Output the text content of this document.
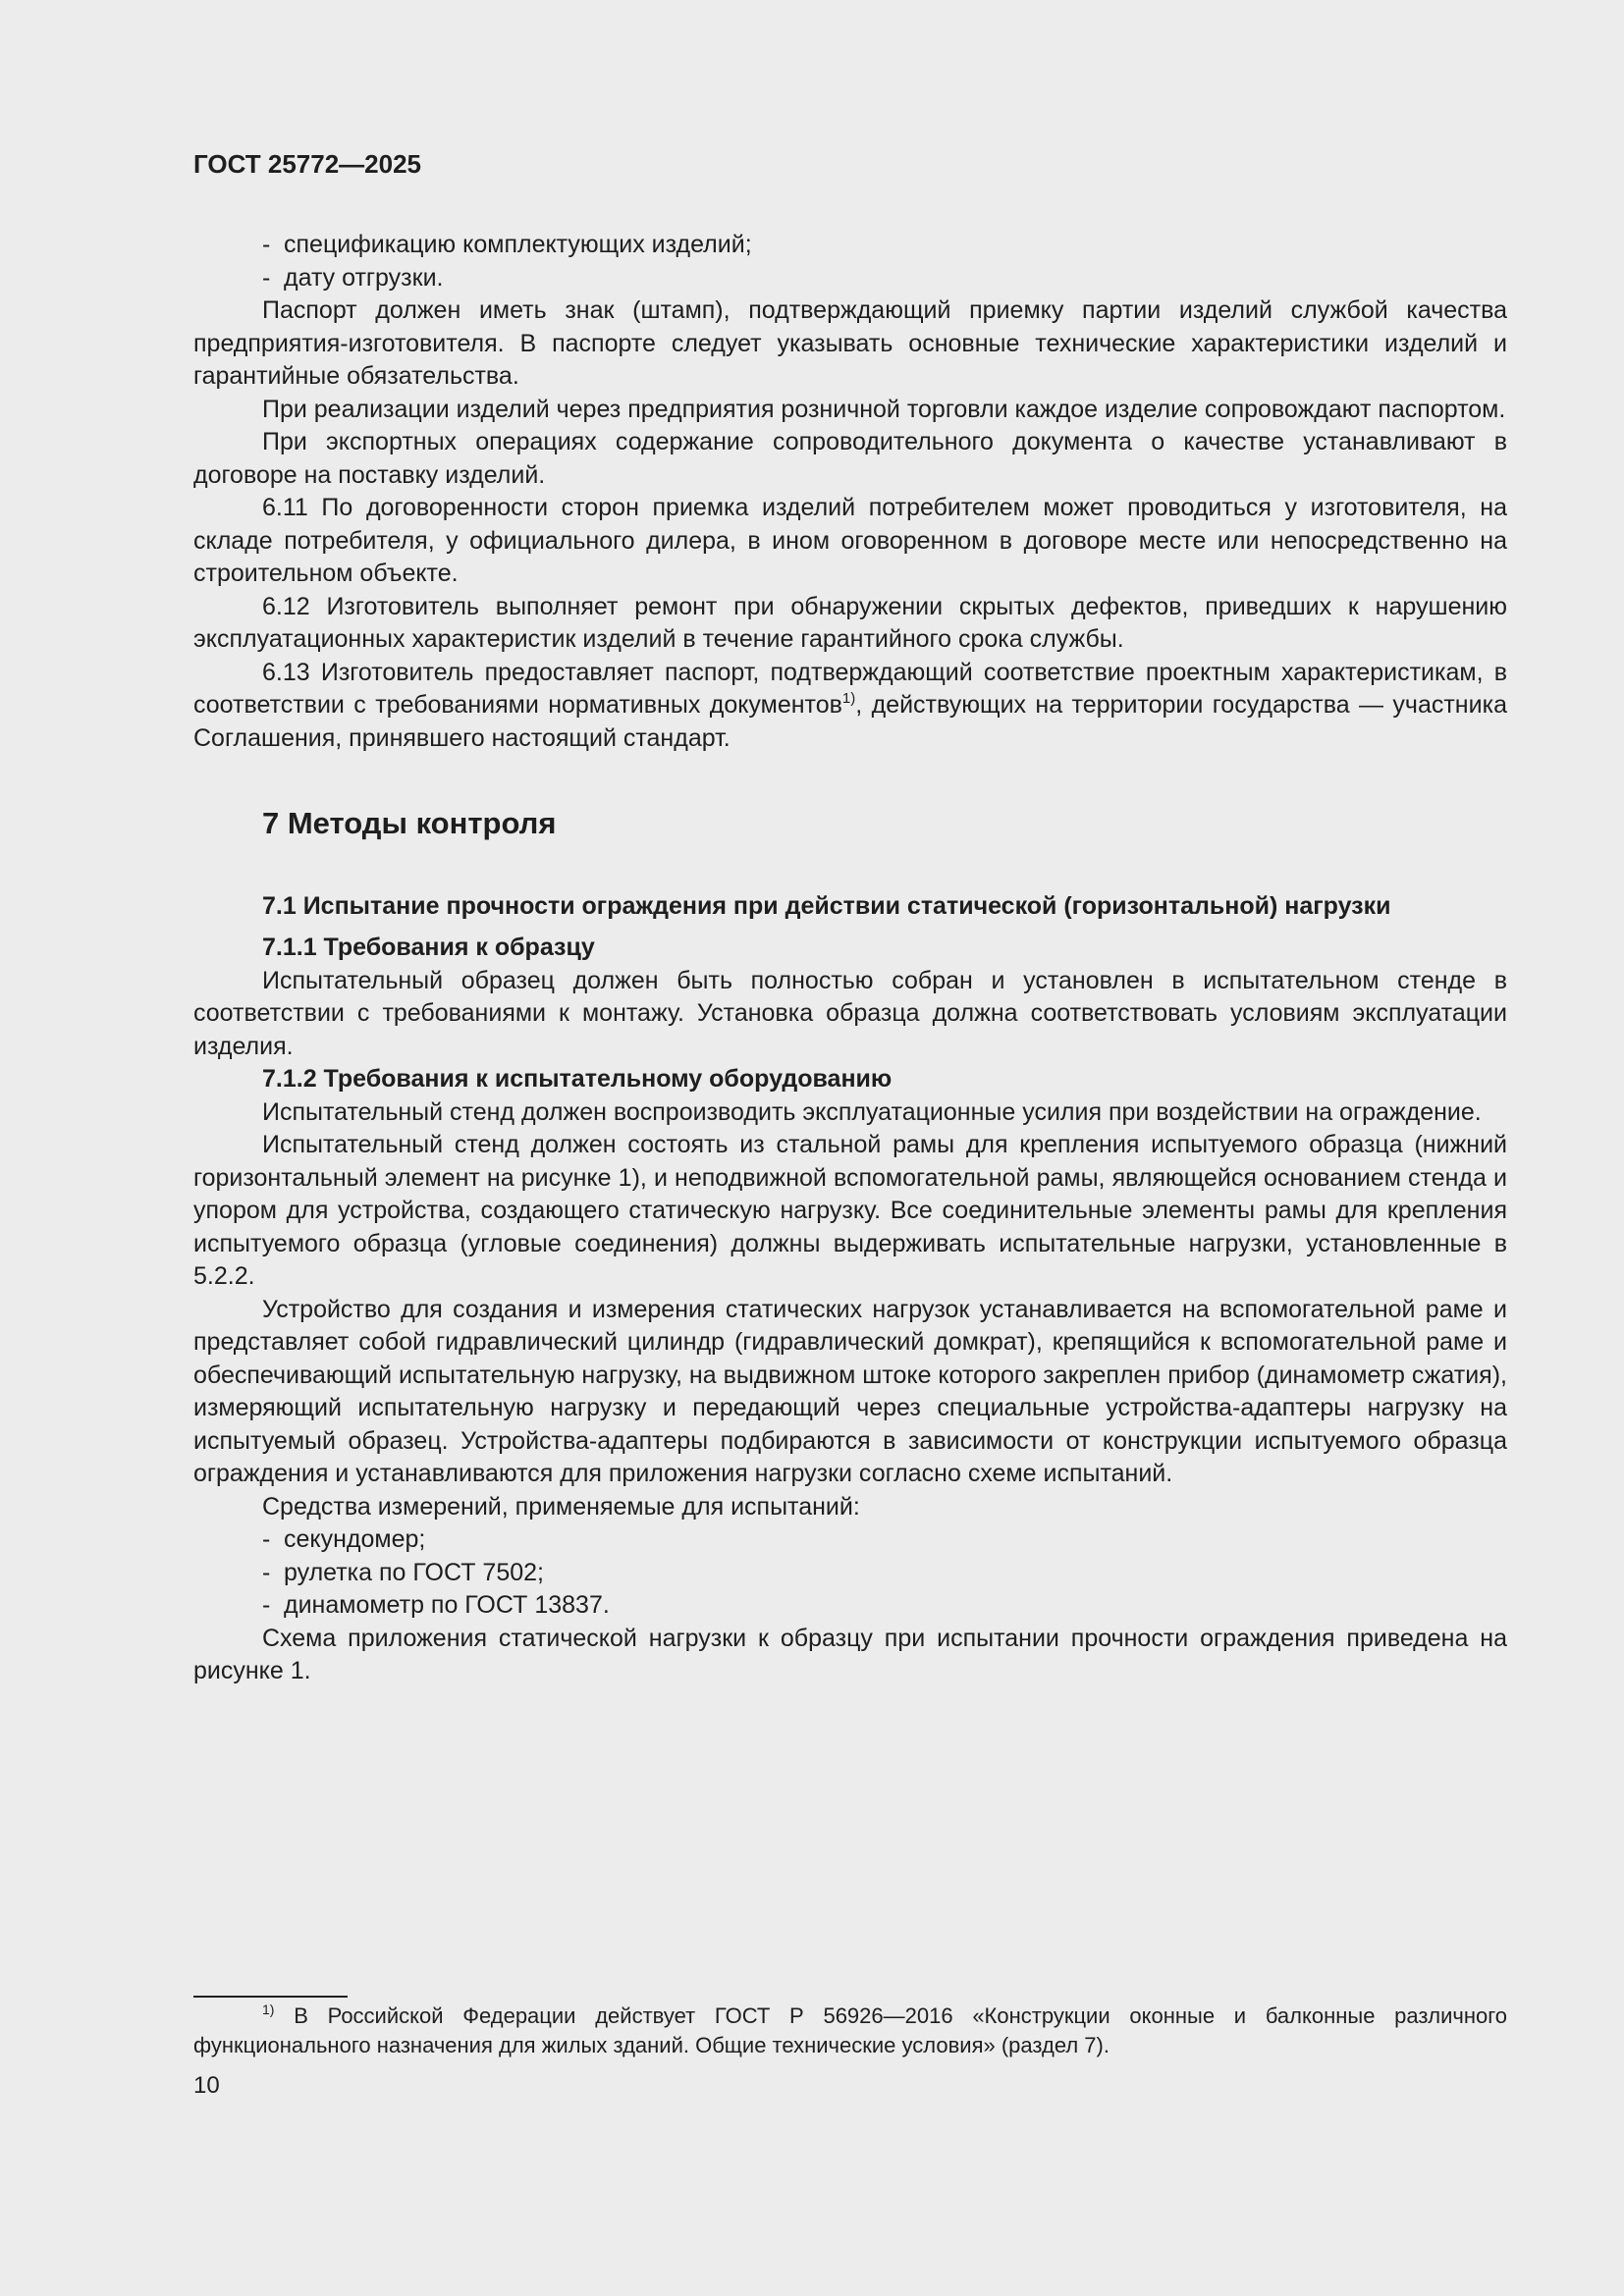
ГОСТ 25772—2025

- спецификацию комплектующих изделий;

- дату отгрузки.

Паспорт должен иметь знак (штамп), подтверждающий приемку партии изделий службой качества предприятия-изготовителя. В паспорте следует указывать основные технические характеристики изделий и гарантийные обязательства.

При реализации изделий через предприятия розничной торговли каждое изделие сопровождают паспортом.

При экспортных операциях содержание сопроводительного документа о качестве устанавливают в договоре на поставку изделий.

6.11 По договоренности сторон приемка изделий потребителем может проводиться у изготовителя, на складе потребителя, у официального дилера, в ином оговоренном в договоре месте или непосредственно на строительном объекте.

6.12 Изготовитель выполняет ремонт при обнаружении скрытых дефектов, приведших к нарушению эксплуатационных характеристик изделий в течение гарантийного срока службы.

6.13 Изготовитель предоставляет паспорт, подтверждающий соответствие проектным характеристикам, в соответствии с требованиями нормативных документов$^{1)}$, действующих на территории государства — участника Соглашения, принявшего настоящий стандарт.

7 Методы контроля
7.1 Испытание прочности ограждения при действии статической (горизонтальной) нагрузки
7.1.1 Требования к образцу

Испытательный образец должен быть полностью собран и установлен в испытательном стенде в соответствии с требованиями к монтажу. Установка образца должна соответствовать условиям эксплуатации изделия.

7.1.2 Требования к испытательному оборудованию

Испытательный стенд должен воспроизводить эксплуатационные усилия при воздействии на ограждение.

Испытательный стенд должен состоять из стальной рамы для крепления испытуемого образца (нижний горизонтальный элемент на рисунке 1), и неподвижной вспомогательной рамы, являющейся основанием стенда и упором для устройства, создающего статическую нагрузку. Все соединительные элементы рамы для крепления испытуемого образца (угловые соединения) должны выдерживать испытательные нагрузки, установленные в 5.2.2.

Устройство для создания и измерения статических нагрузок устанавливается на вспомогательной раме и представляет собой гидравлический цилиндр (гидравлический домкрат), крепящийся к вспомогательной раме и обеспечивающий испытательную нагрузку, на выдвижном штоке которого закреплен прибор (динамометр сжатия), измеряющий испытательную нагрузку и передающий через специальные устройства-адаптеры нагрузку на испытуемый образец. Устройства-адаптеры подбираются в зависимости от конструкции испытуемого образца ограждения и устанавливаются для приложения нагрузки согласно схеме испытаний.

Средства измерений, применяемые для испытаний:

- секундомер;

- рулетка по ГОСТ 7502;

- динамометр по ГОСТ 13837.

Схема приложения статической нагрузки к образцу при испытании прочности ограждения приведена на рисунке 1.

$^{1)}$ В Российской Федерации действует ГОСТ Р 56926—2016 «Конструкции оконные и балконные различного функционального назначения для жилых зданий. Общие технические условия» (раздел 7).

10
